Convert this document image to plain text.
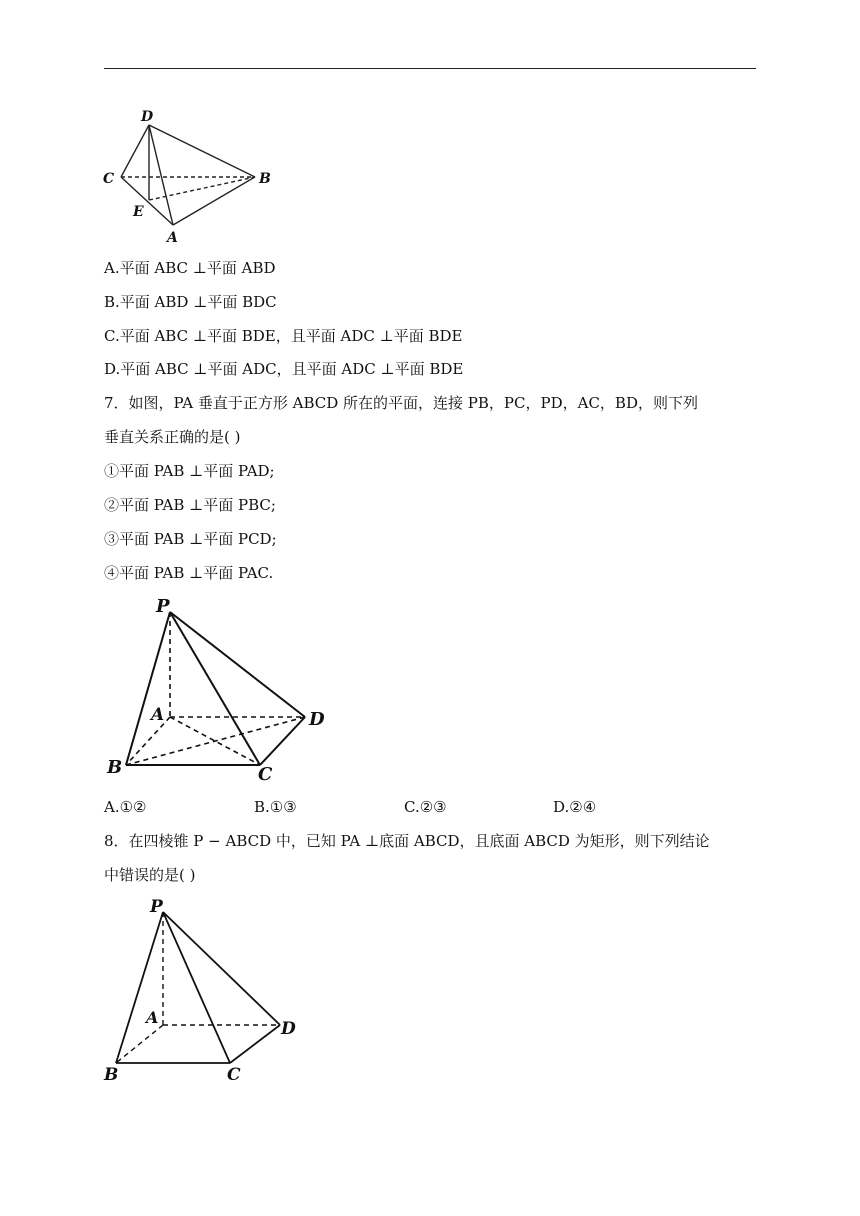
D
C	B
E
A
A.平面 ABC ⊥平面 ABD
B.平面 ABD ⊥平面 BDC
C.平面 ABC ⊥平面 BDE，且平面 ADC ⊥平面 BDE
D.平面 ABC ⊥平面 ADC，且平面 ADC ⊥平面 BDE
7．如图，PA 垂直于正方形 ABCD 所在的平面，连接 PB，PC，PD，AC，BD，则下列
垂直关系正确的是( )
①平面 PAB ⊥平面 PAD;
②平面 PAB ⊥平面 PBC;
③平面 PAB ⊥平面 PCD;
④平面 PAB ⊥平面 PAC.
P
A	D
B	C
A.①②	B.①③	C.②③	D.②④
8．在四棱锥 P − ABCD 中，已知 PA ⊥底面 ABCD，且底面 ABCD 为矩形，则下列结论
中错误的是( )
P
A
D
B	C
